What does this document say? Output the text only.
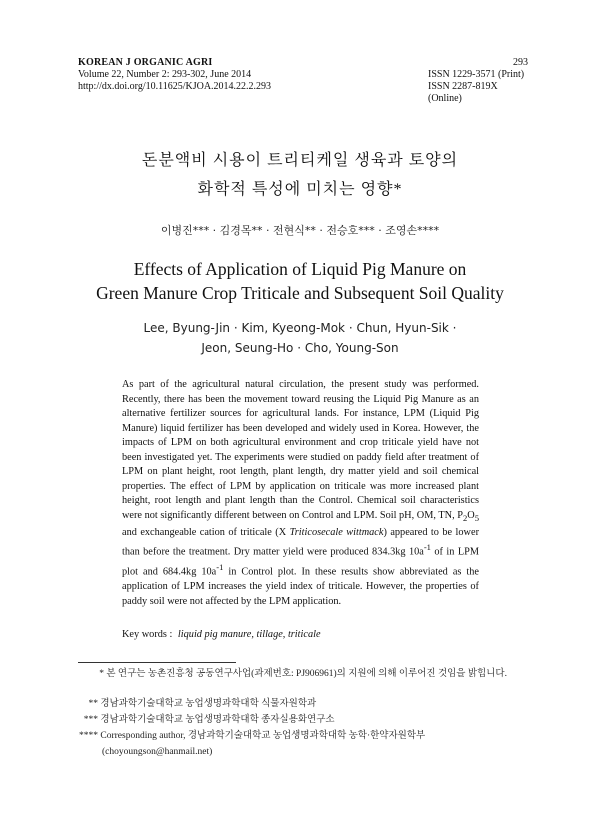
KOREAN J ORGANIC AGRI
Volume 22, Number 2: 293-302, June 2014
http://dx.doi.org/10.11625/KJOA.2014.22.2.293
293
ISSN 1229-3571 (Print)
ISSN 2287-819X (Online)
돈분액비 시용이 트리티케일 생육과 토양의
화학적 특성에 미치는 영향*
이병진*** · 김경목** · 전현식** · 전승호*** · 조영손****
Effects of Application of Liquid Pig Manure on
Green Manure Crop Triticale and Subsequent Soil Quality
Lee, Byung-Jin · Kim, Kyeong-Mok · Chun, Hyun-Sik ·
Jeon, Seung-Ho · Cho, Young-Son
As part of the agricultural natural circulation, the present study was performed. Recently, there has been the movement toward reusing the Liquid Pig Manure as an alternative fertilizer sources for agricultural lands. For instance, LPM (Liquid Pig Manure) liquid fertilizer has been developed and widely used in Korea. However, the impacts of LPM on both agricultural environment and crop triticale yield have not been investigated yet. The experiments were studied on paddy field after treatment of LPM on plant height, root length, plant length, dry matter yield and soil chemical properties. The effect of LPM by application on triticale was more increased plant height, root length and plant length than the Control. Chemical soil characteristics were not significantly different between on Control and LPM. Soil pH, OM, TN, $P_2O_5$ and exchangeable cation of triticale (X Triticosecale wittmack) appeared to be lower than before the treatment. Dry matter yield were produced 834.3kg $10a^{-1}$ of in LPM plot and 684.4kg $10a^{-1}$ in Control plot. In these results show abbreviated as the application of LPM increases the yield index of triticale. However, the properties of paddy soil were not affected by the LPM application.
Key words : liquid pig manure, tillage, triticale
* 본 연구는 농촌진흥청 공동연구사업(과제번호: PJ906961)의 지원에 의해 이루어진 것임을 밝힙니다.
** 경남과학기술대학교 농업생명과학대학 식물자원학과
*** 경남과학기술대학교 농업생명과학대학 종자실용화연구소
**** Corresponding author, 경남과학기술대학교 농업생명과학대학 농학·한약자원학부
(choyoungson@hanmail.net)
